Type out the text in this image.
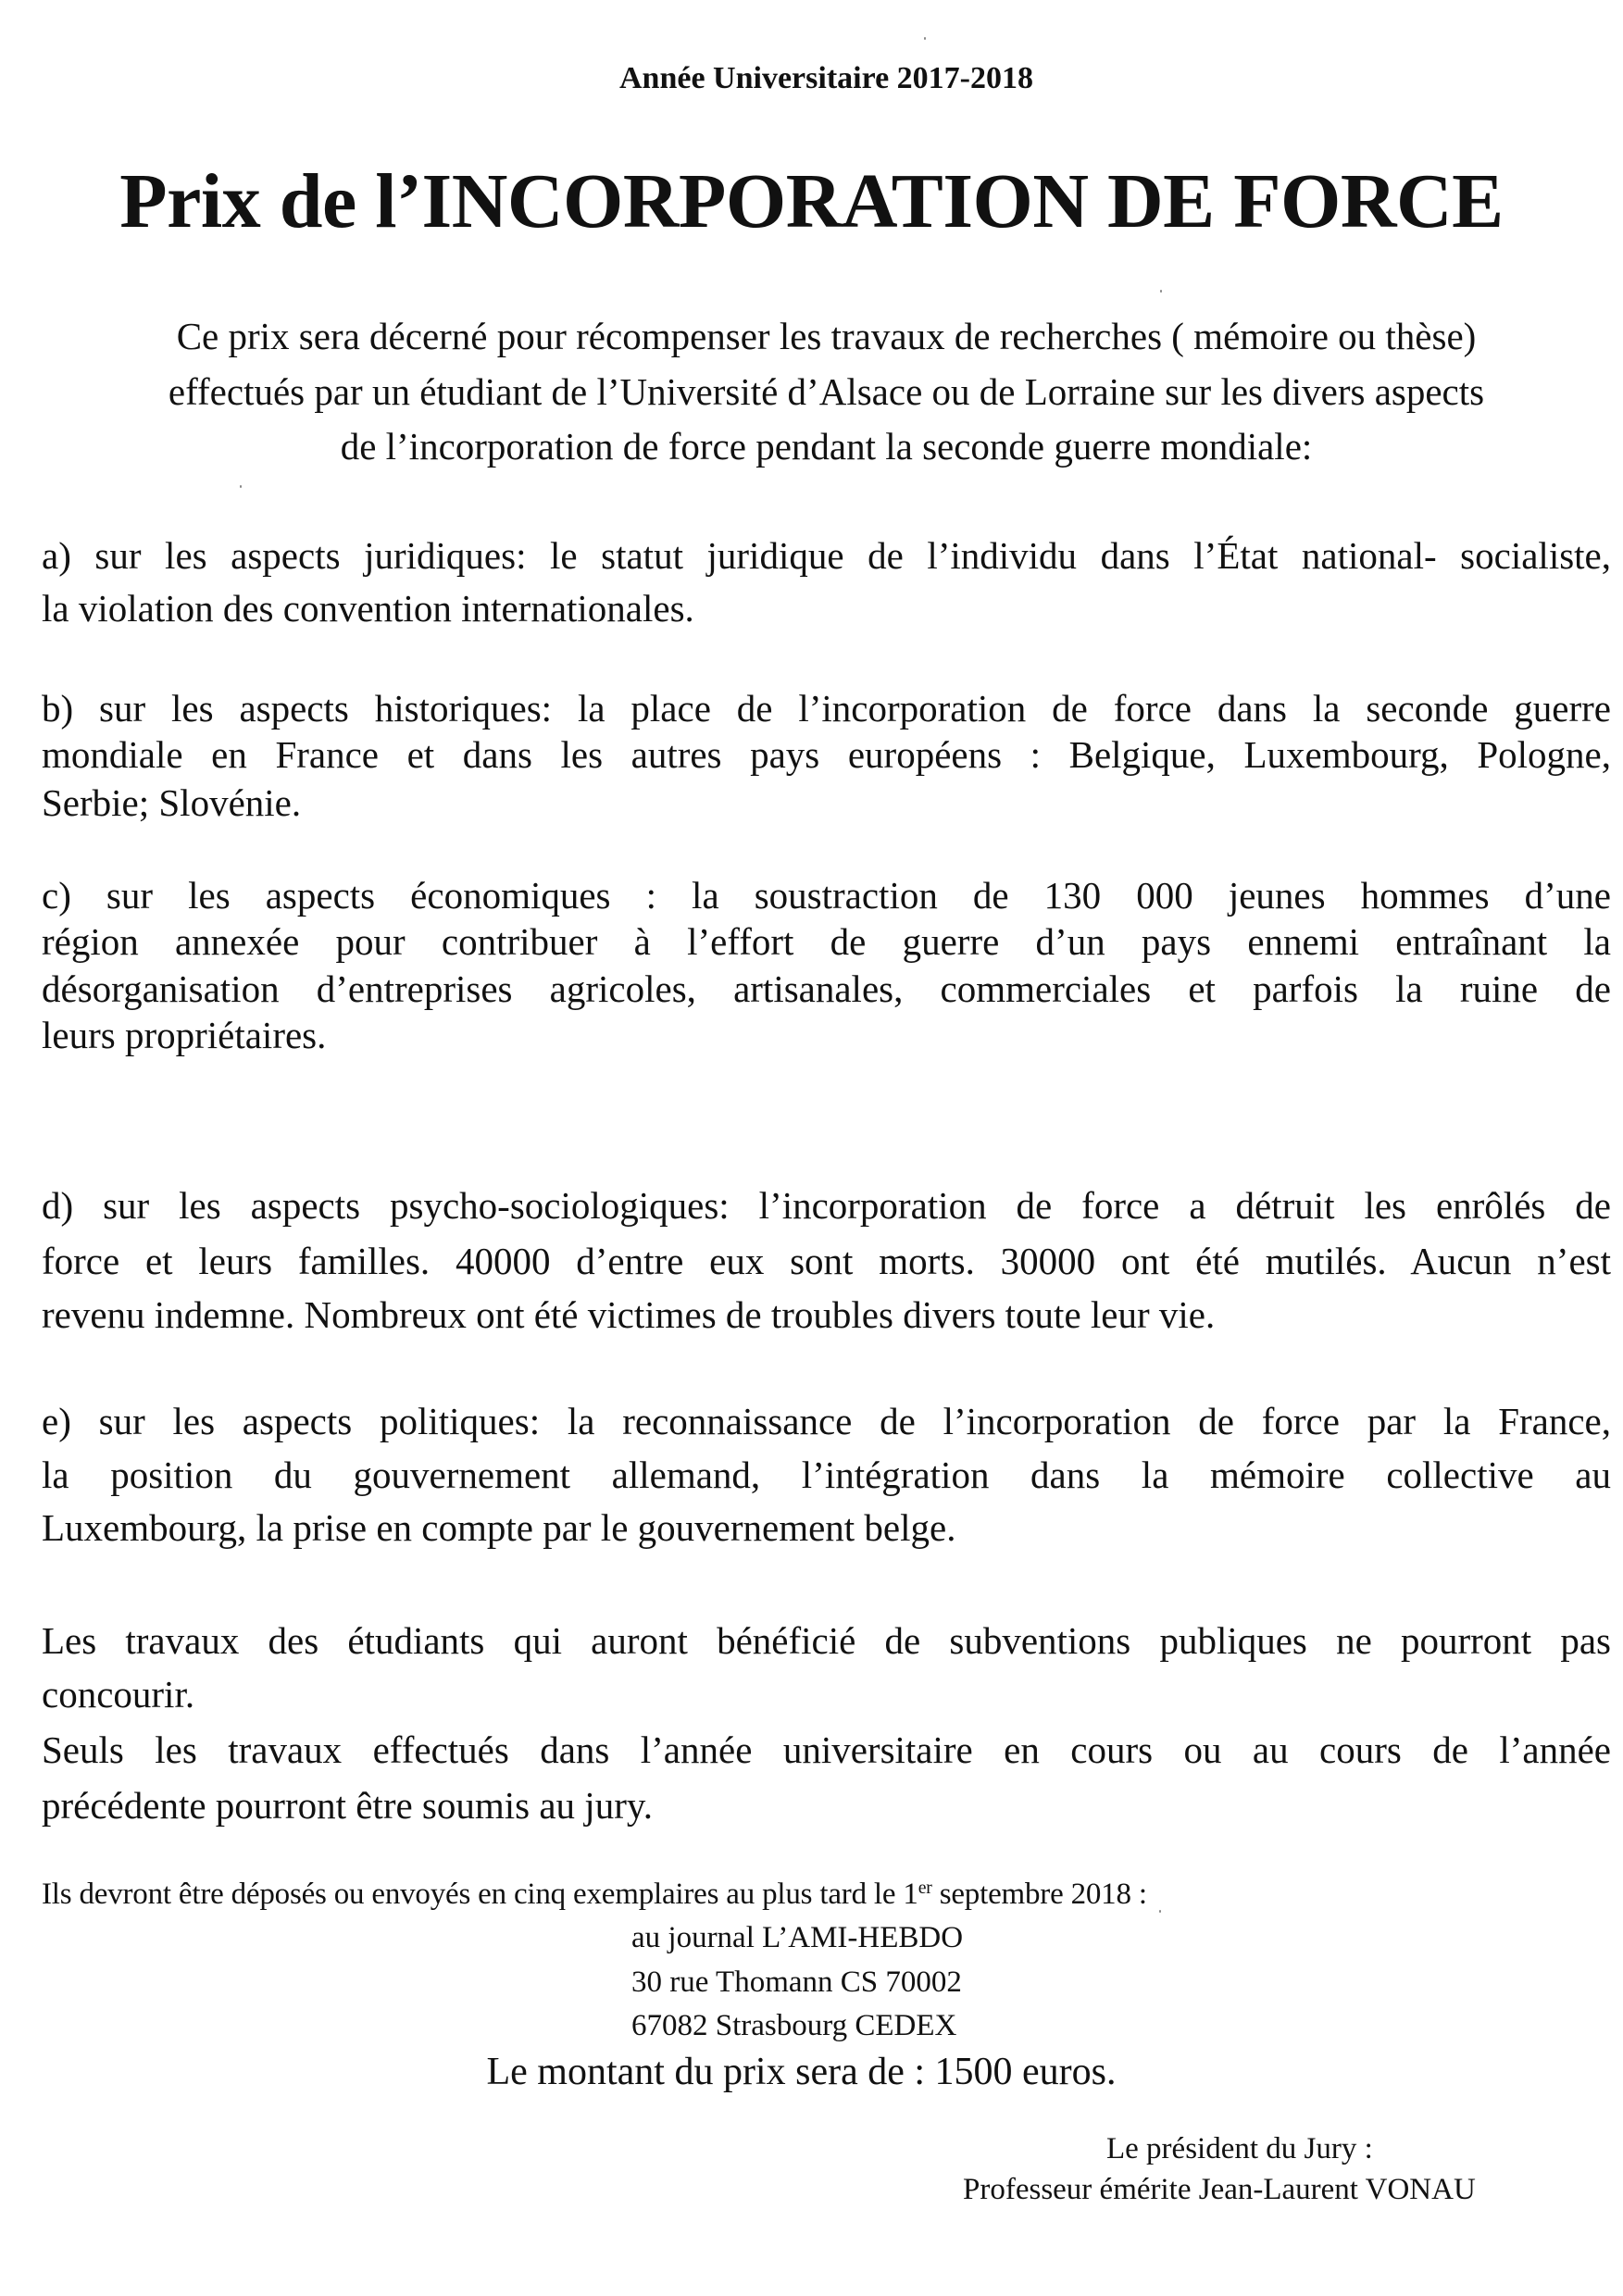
Année Universitaire 2017-2018
Prix de l’INCORPORATION DE FORCE
Ce prix sera décerné pour récompenser les travaux de recherches ( mémoire ou thèse)
effectués par un étudiant de l’Université d’Alsace ou de Lorraine sur les divers aspects
de l’incorporation de force pendant la seconde guerre mondiale:
a) sur les aspects juridiques: le statut juridique de l’individu dans l’État national- socialiste,
la violation des convention internationales.
b) sur les aspects historiques: la place de l’incorporation de force dans la seconde guerre
mondiale en France et dans les autres pays européens : Belgique, Luxembourg, Pologne,
Serbie; Slovénie.
c) sur les aspects économiques : la soustraction de 130 000 jeunes hommes d’une
région annexée pour contribuer à l’effort de guerre d’un pays ennemi entraînant la
désorganisation d’entreprises agricoles, artisanales, commerciales et parfois la ruine de
leurs propriétaires.
d) sur les aspects psycho-sociologiques: l’incorporation de force a détruit les enrôlés de
force et leurs familles. 40000 d’entre eux sont morts. 30000 ont été mutilés. Aucun n’est
revenu indemne. Nombreux ont été victimes de troubles divers toute leur vie.
e) sur les aspects politiques: la reconnaissance de l’incorporation de force par la France,
la position du gouvernement allemand, l’intégration dans la mémoire collective au
Luxembourg, la prise en compte par le gouvernement belge.
Les travaux des étudiants qui auront bénéficié de subventions publiques ne pourront pas
concourir.
Seuls les travaux effectués dans l’année universitaire en cours ou au cours de l’année
précédente pourront être soumis au jury.
Ils devront être déposés ou envoyés en cinq exemplaires au plus tard le 1er septembre 2018 :
au journal L’AMI-HEBDO
30 rue Thomann CS 70002
67082 Strasbourg CEDEX
Le montant du prix sera de : 1500 euros.
Le président du Jury :
Professeur émérite Jean-Laurent VONAU
